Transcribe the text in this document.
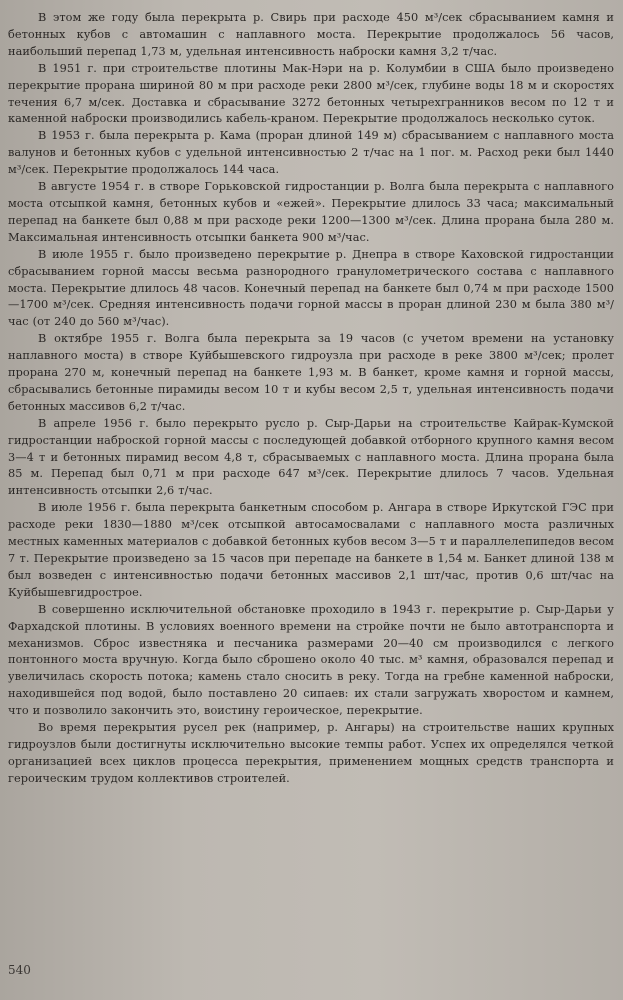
В этом же году была перекрыта р. Свирь при расходе 450 м³/сек сбрасыванием камня и бетонных кубов с автомашин с наплавного моста. Перекрытие продолжалось 56 часов, наибольший перепад 1,73 м, удельная интенсивность наброски камня 3,2 т/час.

В 1951 г. при строительстве плотины Мак-Нэри на р. Колумбии в США было произведено перекрытие прорана шириной 80 м при расходе реки 2800 м³/сек, глубине воды 18 м и скоростях течения 6,7 м/сек. Доставка и сбрасывание 3272 бетонных четырехгранников весом по 12 т и каменной наброски производились кабель-краном. Перекрытие продолжалось несколько суток.

В 1953 г. была перекрыта р. Кама (проран длиной 149 м) сбрасыванием с наплавного моста валунов и бетонных кубов с удельной интенсивностью 2 т/час на 1 пог. м. Расход реки был 1440 м³/сек. Перекрытие продолжалось 144 часа.

В августе 1954 г. в створе Горьковской гидростанции р. Волга была перекрыта с наплавного моста отсыпкой камня, бетонных кубов и «ежей». Перекрытие длилось 33 часа; максимальный перепад на банкете был 0,88 м при расходе реки 1200—1300 м³/сек. Длина прорана была 280 м. Максимальная интенсивность отсыпки банкета 900 м³/час.

В июле 1955 г. было произведено перекрытие р. Днепра в створе Каховской гидростанции сбрасыванием горной массы весьма разнородного гранулометрического состава с наплавного моста. Перекрытие длилось 48 часов. Конечный перепад на банкете был 0,74 м при расходе 1500—1700 м³/сек. Средняя интенсивность подачи горной массы в проран длиной 230 м была 380 м³/час (от 240 до 560 м³/час).

В октябре 1955 г. Волга была перекрыта за 19 часов (с учетом времени на установку наплавного моста) в створе Куйбышевского гидроузла при расходе в реке 3800 м³/сек; пролет прорана 270 м, конечный перепад на банкете 1,93 м. В банкет, кроме камня и горной массы, сбрасывались бетонные пирамиды весом 10 т и кубы весом 2,5 т, удельная интенсивность подачи бетонных массивов 6,2 т/час.

В апреле 1956 г. было перекрыто русло р. Сыр-Дарьи на строительстве Кайрак-Кумской гидростанции наброской горной массы с последующей добавкой отборного крупного камня весом 3—4 т и бетонных пирамид весом 4,8 т, сбрасываемых с наплавного моста. Длина прорана была 85 м. Перепад был 0,71 м при расходе 647 м³/сек. Перекрытие длилось 7 часов. Удельная интенсивность отсыпки 2,6 т/час.

В июле 1956 г. была перекрыта банкетным способом р. Ангара в створе Иркутской ГЭС при расходе реки 1830—1880 м³/сек отсыпкой автосамосвалами с наплавного моста различных местных каменных материалов с добавкой бетонных кубов весом 3—5 т и параллелепипедов весом 7 т. Перекрытие произведено за 15 часов при перепаде на банкете в 1,54 м. Банкет длиной 138 м был возведен с интенсивностью подачи бетонных массивов 2,1 шт/час, против 0,6 шт/час на Куйбышевгидрострое.

В совершенно исключительной обстановке проходило в 1943 г. перекрытие р. Сыр-Дарьи у Фархадской плотины. В условиях военного времени на стройке почти не было автотранспорта и механизмов. Сброс известняка и песчаника размерами 20—40 см производился с легкого понтонного моста вручную. Когда было сброшено около 40 тыс. м³ камня, образовался перепад и увеличилась скорость потока; камень стало сносить в реку. Тогда на гребне каменной наброски, находившейся под водой, было поставлено 20 сипаев: их стали загружать хворостом и камнем, что и позволило закончить это, воистину героическое, перекрытие.

Во время перекрытия русел рек (например, р. Ангары) на строительстве наших крупных гидроузлов были достигнуты исключительно высокие темпы работ. Успех их определялся четкой организацией всех циклов процесса перекрытия, применением мощных средств транспорта и героическим трудом коллективов строителей.

540
